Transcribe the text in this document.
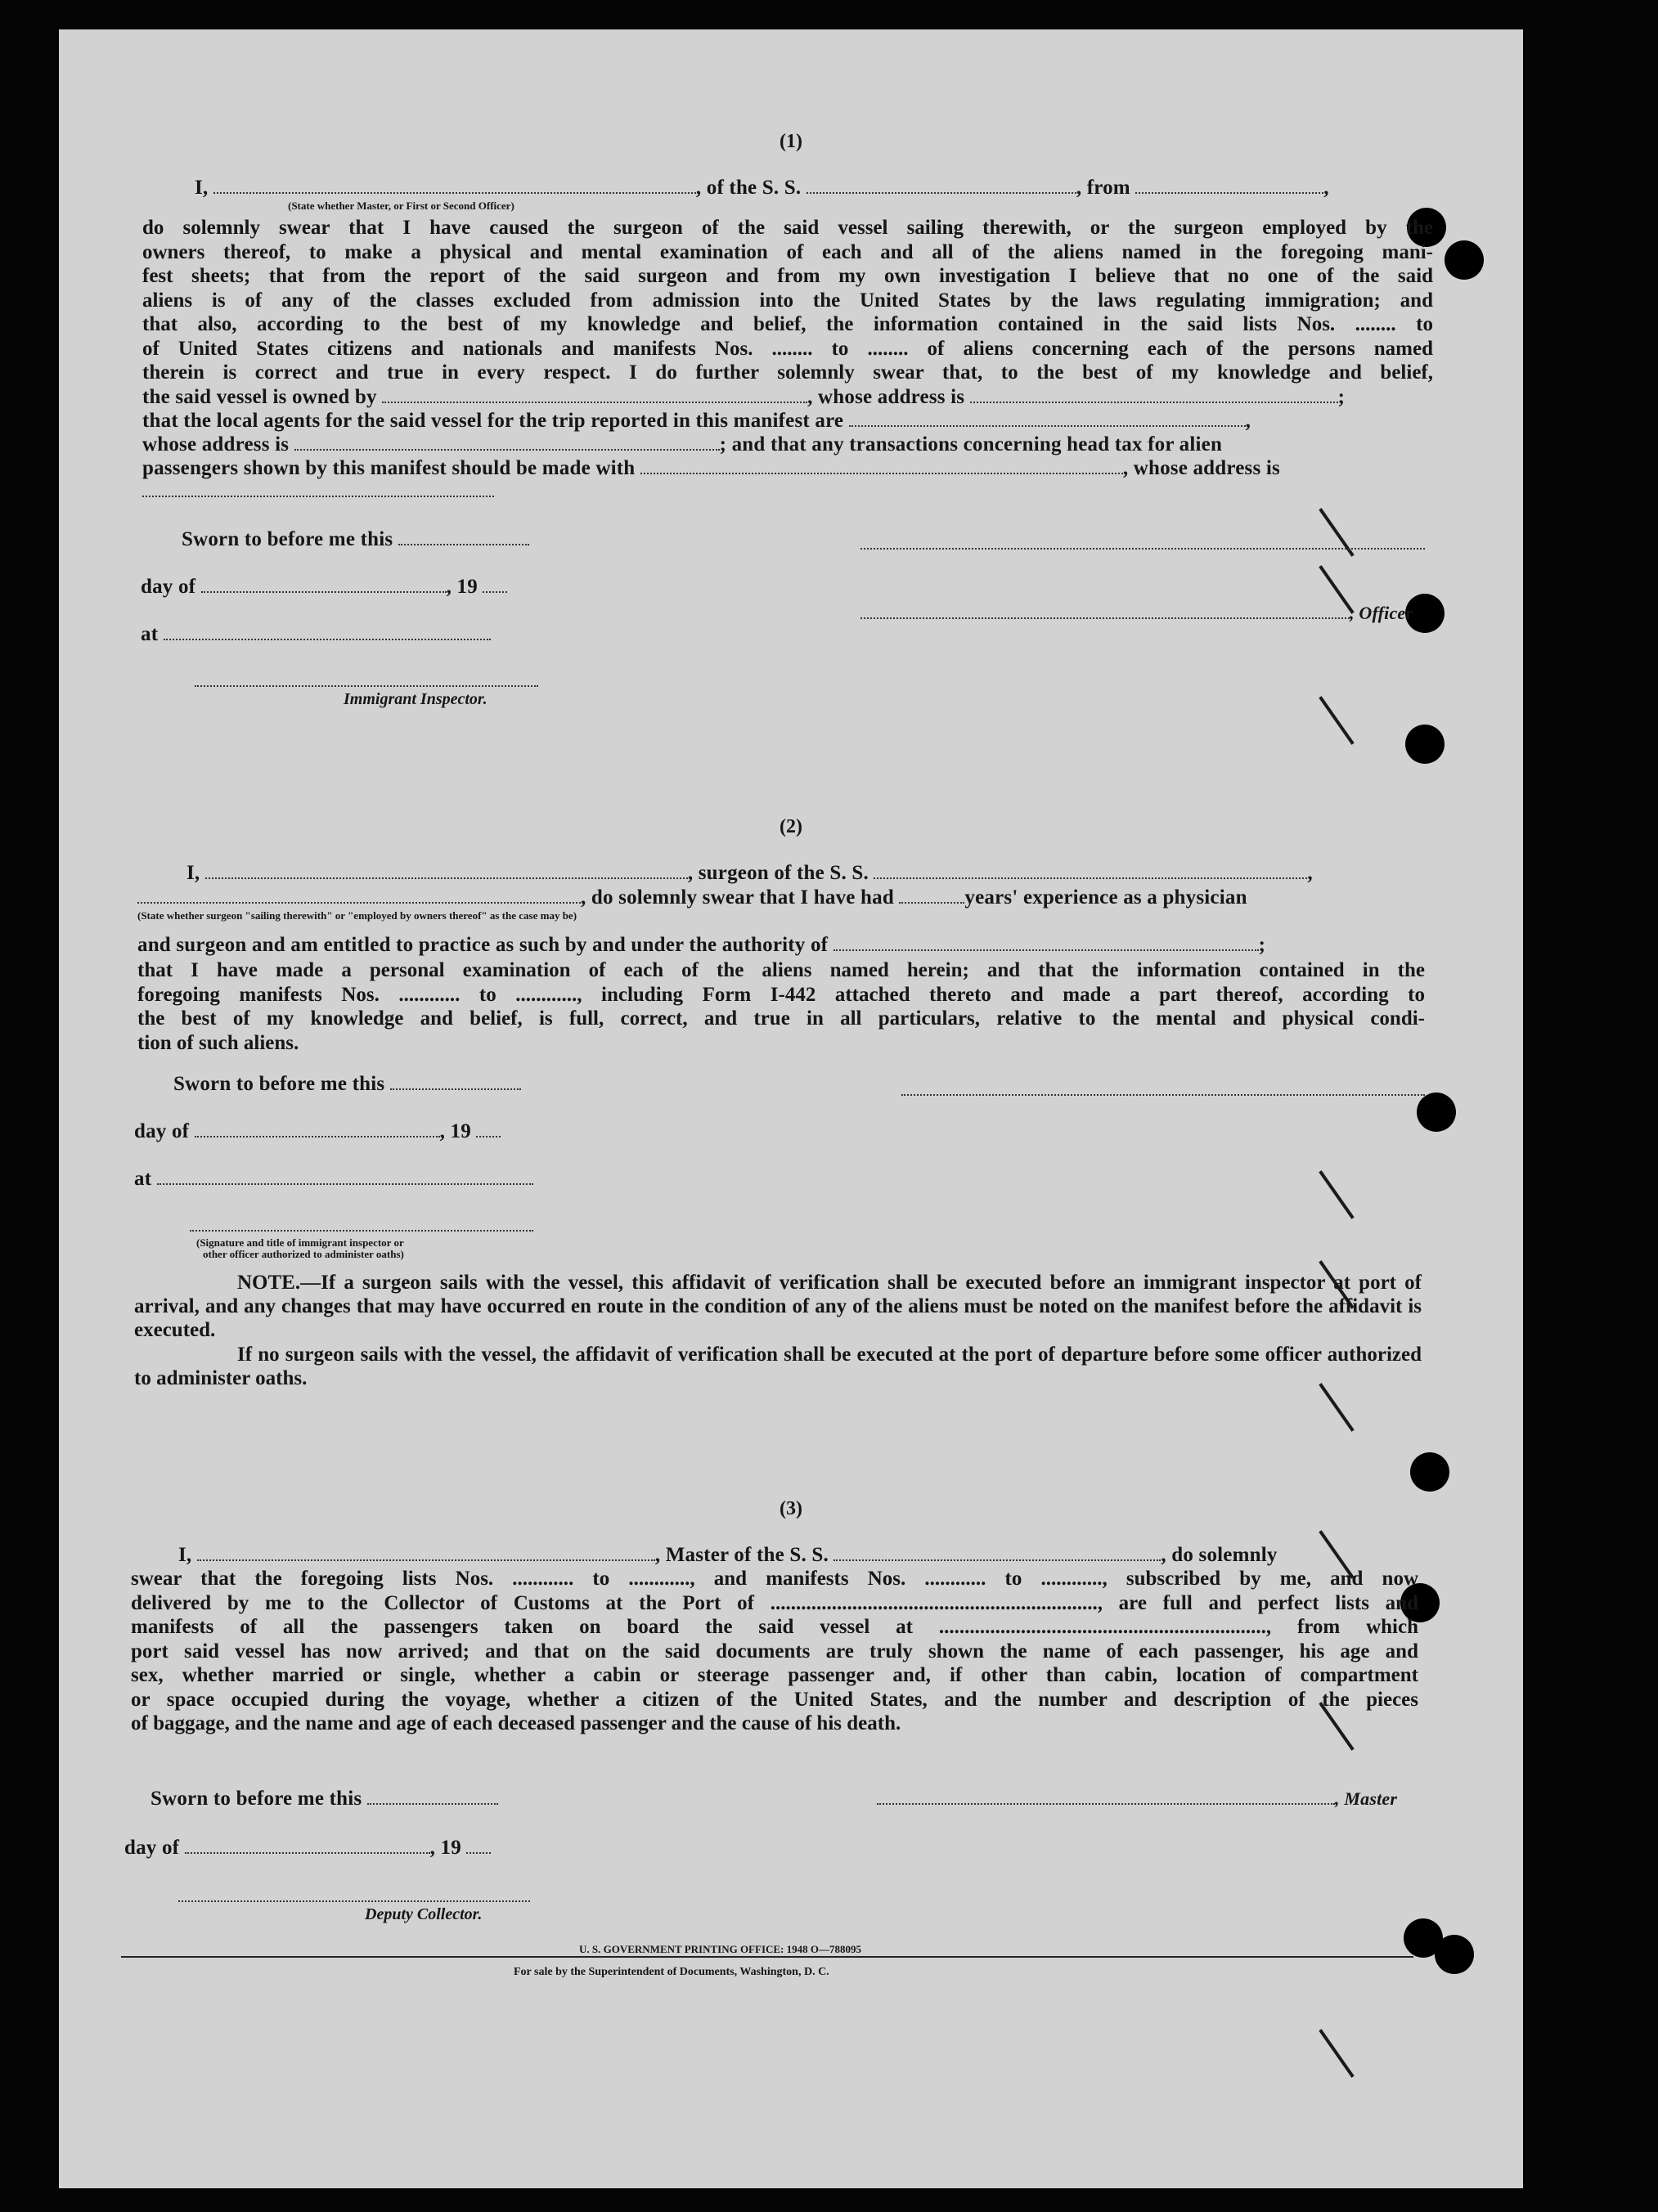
(1)
I,	, of the S. S.	, from	,
(State whether Master, or First or Second Officer)
do solemnly swear that I have caused the surgeon of the said vessel sailing therewith, or the surgeon employed by the
owners thereof, to make a physical and mental examination of each and all of the aliens named in the foregoing mani-
fest sheets; that from the report of the said surgeon and from my own investigation I believe that no one of the said
aliens is of any of the classes excluded from admission into the United States by the laws regulating immigration; and
that also, according to the best of my knowledge and belief, the information contained in the said lists Nos. ........ to
of United States citizens and nationals and manifests Nos. ........ to ........ of aliens concerning each of the persons named
therein is correct and true in every respect. I do further solemnly swear that, to the best of my knowledge and belief,
the said vessel is owned by	, whose address is	;
that the local agents for the said vessel for the trip reported in this manifest are	,
whose address is	; and that any transactions concerning head tax for alien
passengers shown by this manifest should be made with	, whose address is
Sworn to before me this
day of	, 19
, Officer
at
Immigrant Inspector.
(2)
I,	, surgeon of the S. S.	,
, do solemnly swear that I have had	years' experience as a physician
(State whether surgeon "sailing therewith" or "employed by owners thereof" as the case may be)
and surgeon and am entitled to practice as such by and under the authority of	;
that I have made a personal examination of each of the aliens named herein; and that the information contained in the
foregoing manifests Nos. ............ to ............, including Form I-442 attached thereto and made a part thereof, according to
the best of my knowledge and belief, is full, correct, and true in all particulars, relative to the mental and physical condi-
tion of such aliens.
Sworn to before me this
day of	, 19
at
(Signature and title of immigrant inspector or
other officer authorized to administer oaths)
NOTE.—If a surgeon sails with the vessel, this affidavit of verification shall be executed before an immigrant inspector at port of arrival, and any changes that may have occurred en route in the condition of any of the aliens must be noted on the manifest before the affidavit is executed.
If no surgeon sails with the vessel, the affidavit of verification shall be executed at the port of departure before some officer authorized to administer oaths.
(3)
I,	, Master of the S. S.	, do solemnly
swear that the foregoing lists Nos. ............ to ............, and manifests Nos. ............ to ............, subscribed by me, and now
delivered by me to the Collector of Customs at the Port of ................................................................, are full and perfect lists and
manifests of all the passengers taken on board the said vessel at ................................................................, from which
port said vessel has now arrived; and that on the said documents are truly shown the name of each passenger, his age and
sex, whether married or single, whether a cabin or steerage passenger and, if other than cabin, location of compartment
or space occupied during the voyage, whether a citizen of the United States, and the number and description of the pieces
of baggage, and the name and age of each deceased passenger and the cause of his death.
Sworn to before me this	, Master
day of	, 19
Deputy Collector.
U. S. GOVERNMENT PRINTING OFFICE: 1948 O—788095
For sale by the Superintendent of Documents, Washington, D. C.
